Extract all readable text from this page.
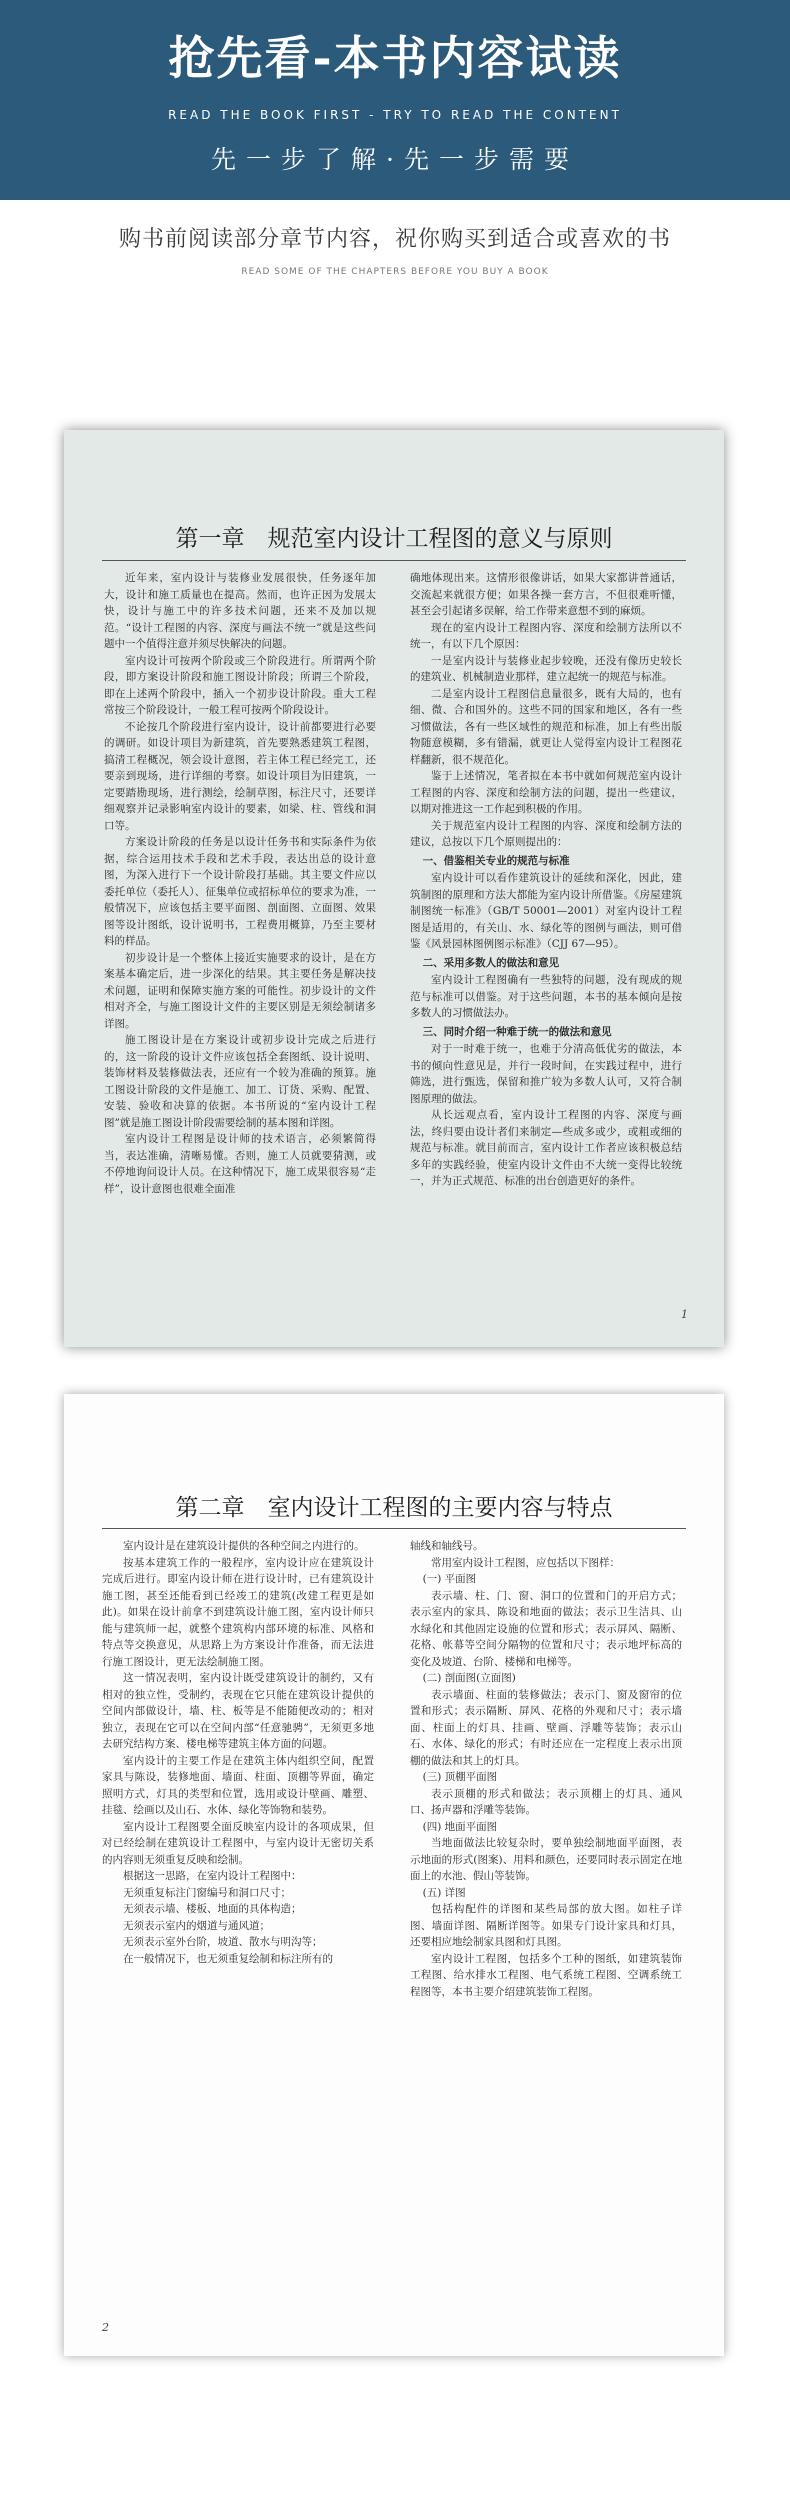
抢先看-本书内容试读
READ THE BOOK FIRST - TRY TO READ THE CONTENT
先一步了解·先一步需要
购书前阅读部分章节内容，祝你购买到适合或喜欢的书
READ SOME OF THE CHAPTERS BEFORE YOU BUY A BOOK
第一章　规范室内设计工程图的意义与原则

近年来，室内设计与装修业发展很快，任务逐年加大，设计和施工质量也在提高。然而，也许正因为发展太快，设计与施工中的许多技术问题，还来不及加以规范。“设计工程图的内容、深度与画法不统一”就是这些问题中一个值得注意并须尽快解决的问题。

室内设计可按两个阶段或三个阶段进行。所谓两个阶段，即方案设计阶段和施工图设计阶段；所谓三个阶段，即在上述两个阶段中，插入一个初步设计阶段。重大工程常按三个阶段设计，一般工程可按两个阶段设计。

不论按几个阶段进行室内设计，设计前都要进行必要的调研。如设计项目为新建筑，首先要熟悉建筑工程图，搞清工程概况，领会设计意图，若主体工程已经完工，还要亲到现场，进行详细的考察。如设计项目为旧建筑，一定要踏勘现场，进行测绘，绘制草图，标注尺寸，还要详细观察并记录影响室内设计的要素，如梁、柱、管线和洞口等。

方案设计阶段的任务是以设计任务书和实际条件为依据，综合运用技术手段和艺术手段，表达出总的设计意图，为深入进行下一个设计阶段打基础。其主要文件应以委托单位（委托人）、征集单位或招标单位的要求为准，一般情况下，应该包括主要平面图、剖面图、立面图、效果图等设计图纸，设计说明书，工程费用概算，乃至主要材料的样品。

初步设计是一个整体上接近实施要求的设计，是在方案基本确定后，进一步深化的结果。其主要任务是解决技术问题，证明和保障实施方案的可能性。初步设计的文件相对齐全，与施工图设计文件的主要区别是无须绘制诸多详图。

施工图设计是在方案设计或初步设计完成之后进行的，这一阶段的设计文件应该包括全套图纸、设计说明、装饰材料及装修做法表，还应有一个较为准确的预算。施工图设计阶段的文件是施工、加工、订货、采购、配置、安装、验收和决算的依据。本书所说的“室内设计工程图”就是施工图设计阶段需要绘制的基本图和详图。

室内设计工程图是设计师的技术语言，必须繁简得当，表达准确，清晰易懂。否则，施工人员就要猜测，或不停地询问设计人员。在这种情况下，施工成果很容易“走样”，设计意图也很难全面准

确地体现出来。这情形很像讲话，如果大家都讲普通话，交流起来就很方便；如果各操一套方言，不但很难听懂，甚至会引起诸多误解，给工作带来意想不到的麻烦。

现在的室内设计工程图内容、深度和绘制方法所以不统一，有以下几个原因：

一是室内设计与装修业起步较晚，还没有像历史较长的建筑业、机械制造业那样，建立起统一的规范与标准。

二是室内设计工程图信息量很多，既有大局的，也有细、微、合和国外的。这些不同的国家和地区，各有一些习惯做法，各有一些区域性的规范和标准，加上有些出版物随意模糊，多有错漏，就更让人觉得室内设计工程图花样翻新，很不规范化。

鉴于上述情况，笔者拟在本书中就如何规范室内设计工程图的内容、深度和绘制方法的问题，提出一些建议，以期对推进这一工作起到积极的作用。

关于规范室内设计工程图的内容、深度和绘制方法的建议，总按以下几个原则提出的：

一、借鉴相关专业的规范与标准

室内设计可以看作建筑设计的延续和深化，因此，建筑制图的原理和方法大都能为室内设计所借鉴。《房屋建筑制图统一标准》（GB/T 50001—2001）对室内设计工程图是适用的，有关山、水、绿化等的图例与画法，则可借鉴《风景园林图例图示标准》（CJJ 67—95）。

二、采用多数人的做法和意见

室内设计工程图确有一些独特的问题，没有现成的规范与标准可以借鉴。对于这些问题，本书的基本倾向是按多数人的习惯做法办。

三、同时介绍一种难于统一的做法和意见

对于一时难于统一，也难于分清高低优劣的做法，本书的倾向性意见是，并行一段时间，在实践过程中，进行筛选，进行甄选，保留和推广较为多数人认可，又符合制图原理的做法。

从长远观点看，室内设计工程图的内容、深度与画法，终归要由设计者们来制定—些成多或少，或粗或细的规范与标准。就目前而言，室内设计工作者应该积极总结多年的实践经验，使室内设计文件由不大统一变得比较统一，并为正式规范、标准的出台创造更好的条件。

1
第二章　室内设计工程图的主要内容与特点

室内设计是在建筑设计提供的各种空间之内进行的。

按基本建筑工作的一般程序，室内设计应在建筑设计完成后进行。即室内设计师在进行设计时，已有建筑设计施工图，甚至还能看到已经竣工的建筑(改建工程更是如此)。如果在设计前拿不到建筑设计施工图，室内设计师只能与建筑师一起，就整个建筑构内部环境的标准、风格和特点等交换意见，从思路上为方案设计作准备，而无法进行施工图设计，更无法绘制施工图。

这一情况表明，室内设计既受建筑设计的制约，又有相对的独立性，受制约，表现在它只能在建筑设计提供的空间内部做设计，墙、柱、板等是不能随便改动的；相对独立，表现在它可以在空间内部“任意驰骋”，无须更多地去研究结构方案、楼电梯等建筑主体方面的问题。

室内设计的主要工作是在建筑主体内组织空间，配置家具与陈设，装修地面、墙面、柱面、顶棚等界面，确定照明方式，灯具的类型和位置，选用或设计壁画、雕塑、挂毯、绘画以及山石、水体、绿化等饰物和装势。

室内设计工程图要全面反映室内设计的各项成果，但对已经绘制在建筑设计工程图中，与室内设计无密切关系的内容则无须重复反映和绘制。

根据这一思路，在室内设计工程图中：

无须重复标注门窗编号和洞口尺寸；

无须表示墙、楼板、地面的具体构造；

无须表示室内的烟道与通风道；

无须表示室外台阶，坡道、散水与明沟等；

在一般情况下，也无须重复绘制和标注所有的

轴线和轴线号。

常用室内设计工程图，应包括以下图样：

(一) 平面图

表示墙、柱、门、窗、洞口的位置和门的开启方式；表示室内的家具、陈设和地面的做法；表示卫生洁具、山水绿化和其他固定设施的位置和形式；表示屏风、隔断、花格、帐幕等空间分隔物的位置和尺寸；表示地坪标高的变化及坡道、台阶、楼梯和电梯等。

(二) 剖面图(立面图)

表示墙面、柱面的装修做法；表示门、窗及窗帘的位置和形式；表示隔断、屏风、花格的外观和尺寸；表示墙面、柱面上的灯具、挂画、壁画、浮雕等装饰；表示山石、水体、绿化的形式；有时还应在一定程度上表示出顶棚的做法和其上的灯具。

(三) 顶棚平面图

表示顶棚的形式和做法；表示顶棚上的灯具、通风口、扬声器和浮雕等装饰。

(四) 地面平面图

当地面做法比较复杂时，要单独绘制地面平面图，表示地面的形式(图案)、用料和颜色，还要同时表示固定在地面上的水池、假山等装饰。

(五) 详图

包括构配件的详图和某些局部的放大图。如柱子详图、墙面详图、隔断详图等。如果专门设计家具和灯具，还要相应地绘制家具图和灯具图。

室内设计工程图，包括多个工种的图纸，如建筑装饰工程图、给水排水工程图、电气系统工程图、空调系统工程图等，本书主要介绍建筑装饰工程图。

2
